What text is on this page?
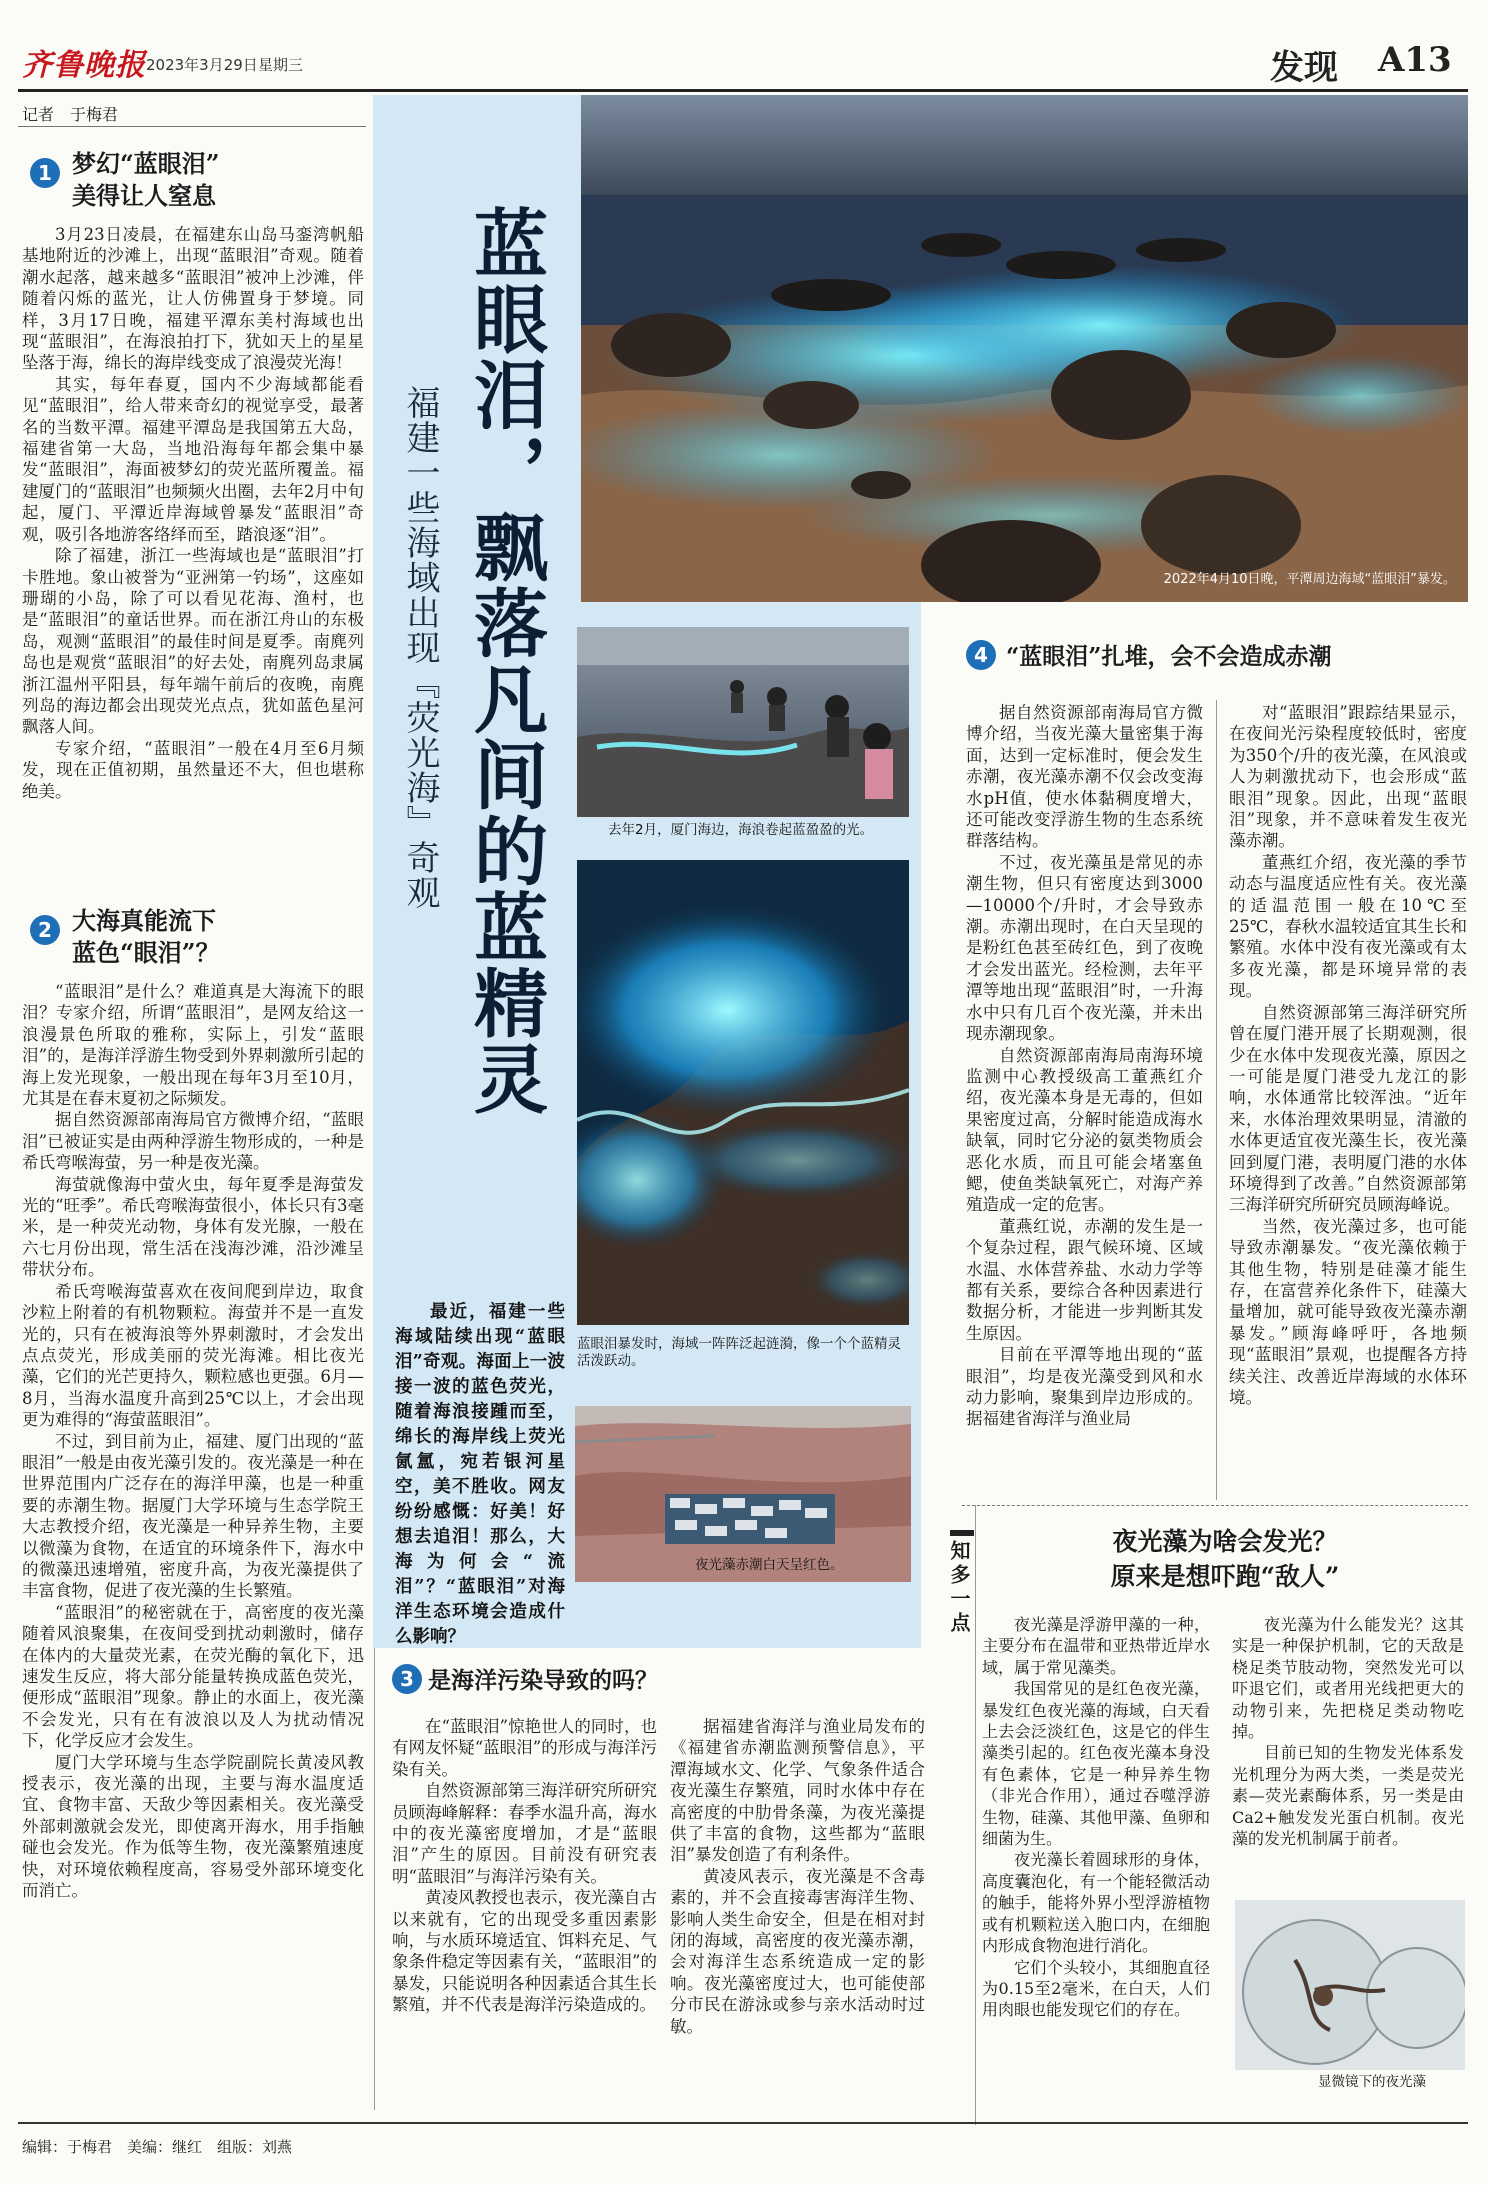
齐鲁晚报 2023年3月29日 星期三	发现 A13
记者　于梅君
1 梦幻“蓝眼泪”
美得让人窒息

3月23日凌晨，在福建东山岛马銮湾帆船基地附近的沙滩上，出现“蓝眼泪”奇观。随着潮水起落，越来越多“蓝眼泪”被冲上沙滩，伴随着闪烁的蓝光，让人仿佛置身于梦境。同样，3月17日晚，福建平潭东美村海域也出现“蓝眼泪”，在海浪拍打下，犹如天上的星星坠落于海，绵长的海岸线变成了浪漫荧光海！

其实，每年春夏，国内不少海域都能看见“蓝眼泪”，给人带来奇幻的视觉享受，最著名的当数平潭。福建平潭岛是我国第五大岛，福建省第一大岛，当地沿海每年都会集中暴发“蓝眼泪”，海面被梦幻的荧光蓝所覆盖。福建厦门的“蓝眼泪”也频频火出圈，去年2月中旬起，厦门、平潭近岸海域曾暴发“蓝眼泪”奇观，吸引各地游客络绎而至，踏浪逐“泪”。

除了福建，浙江一些海域也是“蓝眼泪”打卡胜地。象山被誉为“亚洲第一钓场”，这座如珊瑚的小岛，除了可以看见花海、渔村，也是“蓝眼泪”的童话世界。而在浙江舟山的东极岛，观测“蓝眼泪”的最佳时间是夏季。南麂列岛也是观赏“蓝眼泪”的好去处，南麂列岛隶属浙江温州平阳县，每年端午前后的夜晚，南麂列岛的海边都会出现荧光点点，犹如蓝色星河飘落人间。

专家介绍，“蓝眼泪”一般在4月至6月频发，现在正值初期，虽然量还不大，但也堪称绝美。

2 大海真能流下
蓝色“眼泪”？

“蓝眼泪”是什么？难道真是大海流下的眼泪？专家介绍，所谓“蓝眼泪”，是网友给这一浪漫景色所取的雅称，实际上，引发“蓝眼泪”的，是海洋浮游生物受到外界刺激所引起的海上发光现象，一般出现在每年3月至10月，尤其是在春末夏初之际频发。

据自然资源部南海局官方微博介绍，“蓝眼泪”已被证实是由两种浮游生物形成的，一种是希氏弯喉海萤，另一种是夜光藻。

海萤就像海中萤火虫，每年夏季是海萤发光的“旺季”。希氏弯喉海萤很小，体长只有3毫米，是一种荧光动物，身体有发光腺，一般在六七月份出现，常生活在浅海沙滩，沿沙滩呈带状分布。

希氏弯喉海萤喜欢在夜间爬到岸边，取食沙粒上附着的有机物颗粒。海萤并不是一直发光的，只有在被海浪等外界刺激时，才会发出点点荧光，形成美丽的荧光海滩。相比夜光藻，它们的光芒更持久，颗粒感也更强。6月—8月，当海水温度升高到25℃以上，才会出现更为难得的“海萤蓝眼泪”。

不过，到目前为止，福建、厦门出现的“蓝眼泪”一般是由夜光藻引发的。夜光藻是一种在世界范围内广泛存在的海洋甲藻，也是一种重要的赤潮生物。据厦门大学环境与生态学院王大志教授介绍，夜光藻是一种异养生物，主要以微藻为食物，在适宜的环境条件下，海水中的微藻迅速增殖，密度升高，为夜光藻提供了丰富食物，促进了夜光藻的生长繁殖。

“蓝眼泪”的秘密就在于，高密度的夜光藻随着风浪聚集，在夜间受到扰动刺激时，储存在体内的大量荧光素，在荧光酶的氧化下，迅速发生反应，将大部分能量转换成蓝色荧光，便形成“蓝眼泪”现象。静止的水面上，夜光藻不会发光，只有在有波浪以及人为扰动情况下，化学反应才会发生。

厦门大学环境与生态学院副院长黄凌风教授表示，夜光藻的出现，主要与海水温度适宜、食物丰富、天敌少等因素相关。夜光藻受外部刺激就会发光，即使离开海水，用手指触碰也会发光。作为低等生物，夜光藻繁殖速度快，对环境依赖程度高，容易受外部环境变化而消亡。

蓝眼泪，飘落凡间的蓝精灵
福建一些海域出现『荧光海』奇观
最近，福建一些海域陆续出现“蓝眼泪”奇观。海面上一波接一波的蓝色荧光，随着海浪接踵而至，绵长的海岸线上荧光氤氲，宛若银河星空，美不胜收。网友纷纷感慨：好美！好想去追泪！那么，大海为何会“流泪”？“蓝眼泪”对海洋生态环境会造成什么影响？
2022年4月10日晚，平潭周边海域“蓝眼泪”暴发。
去年2月，厦门海边，海浪卷起蓝盈盈的光。
蓝眼泪暴发时，海域一阵阵泛起涟漪，像一个个蓝精灵活泼跃动。
夜光藻赤潮白天呈红色。
3 是海洋污染导致的吗？

在“蓝眼泪”惊艳世人的同时，也有网友怀疑“蓝眼泪”的形成与海洋污染有关。

自然资源部第三海洋研究所研究员顾海峰解释：春季水温升高，海水中的夜光藻密度增加，才是“蓝眼泪”产生的原因。目前没有研究表明“蓝眼泪”与海洋污染有关。

黄凌风教授也表示，夜光藻自古以来就有，它的出现受多重因素影响，与水质环境适宜、饵料充足、气象条件稳定等因素有关，“蓝眼泪”的暴发，只能说明各种因素适合其生长繁殖，并不代表是海洋污染造成的。

据福建省海洋与渔业局发布的《福建省赤潮监测预警信息》，平潭海域水文、化学、气象条件适合夜光藻生存繁殖，同时水体中存在高密度的中肋骨条藻，为夜光藻提供了丰富的食物，这些都为“蓝眼泪”暴发创造了有利条件。

黄凌风表示，夜光藻是不含毒素的，并不会直接毒害海洋生物、影响人类生命安全，但是在相对封闭的海域，高密度的夜光藻赤潮，会对海洋生态系统造成一定的影响。夜光藻密度过大，也可能使部分市民在游泳或参与亲水活动时过敏。

4 “蓝眼泪”扎堆，会不会造成赤潮

据自然资源部南海局官方微博介绍，当夜光藻大量密集于海面，达到一定标准时，便会发生赤潮，夜光藻赤潮不仅会改变海水pH值，使水体黏稠度增大，还可能改变浮游生物的生态系统群落结构。

不过，夜光藻虽是常见的赤潮生物，但只有密度达到3000—10000个/升时，才会导致赤潮。赤潮出现时，在白天呈现的是粉红色甚至砖红色，到了夜晚才会发出蓝光。经检测，去年平潭等地出现“蓝眼泪”时，一升海水中只有几百个夜光藻，并未出现赤潮现象。

自然资源部南海局南海环境监测中心教授级高工董燕红介绍，夜光藻本身是无毒的，但如果密度过高，分解时能造成海水缺氧，同时它分泌的氨类物质会恶化水质，而且可能会堵塞鱼鳃，使鱼类缺氧死亡，对海产养殖造成一定的危害。

董燕红说，赤潮的发生是一个复杂过程，跟气候环境、区域水温、水体营养盐、水动力学等都有关系，要综合各种因素进行数据分析，才能进一步判断其发生原因。

目前在平潭等地出现的“蓝眼泪”，均是夜光藻受到风和水动力影响，聚集到岸边形成的。据福建省海洋与渔业局

对“蓝眼泪”跟踪结果显示，在夜间光污染程度较低时，密度为350个/升的夜光藻，在风浪或人为刺激扰动下，也会形成“蓝眼泪”现象。因此，出现“蓝眼泪”现象，并不意味着发生夜光藻赤潮。

董燕红介绍，夜光藻的季节动态与温度适应性有关。夜光藻的适温范围一般在10℃至25℃，春秋水温较适宜其生长和繁殖。水体中没有夜光藻或有太多夜光藻，都是环境异常的表现。

自然资源部第三海洋研究所曾在厦门港开展了长期观测，很少在水体中发现夜光藻，原因之一可能是厦门港受九龙江的影响，水体通常比较浑浊。“近年来，水体治理效果明显，清澈的水体更适宜夜光藻生长，夜光藻回到厦门港，表明厦门港的水体环境得到了改善。”自然资源部第三海洋研究所研究员顾海峰说。

当然，夜光藻过多，也可能导致赤潮暴发。“夜光藻依赖于其他生物，特别是硅藻才能生存，在富营养化条件下，硅藻大量增加，就可能导致夜光藻赤潮暴发。”顾海峰呼吁，各地频现“蓝眼泪”景观，也提醒各方持续关注、改善近岸海域的水体环境。

知多一点	夜光藻为啥会发光？
原来是想吓跑“敌人”

夜光藻是浮游甲藻的一种，主要分布在温带和亚热带近岸水域，属于常见藻类。

我国常见的是红色夜光藻，暴发红色夜光藻的海域，白天看上去会泛淡红色，这是它的伴生藻类引起的。红色夜光藻本身没有色素体，它是一种异养生物（非光合作用），通过吞噬浮游生物，硅藻、其他甲藻、鱼卵和细菌为生。

夜光藻长着圆球形的身体，高度囊泡化，有一个能轻微活动的触手，能将外界小型浮游植物或有机颗粒送入胞口内，在细胞内形成食物泡进行消化。

它们个头较小，其细胞直径为0.15至2毫米，在白天，人们用肉眼也能发现它们的存在。

夜光藻为什么能发光？这其实是一种保护机制，它的天敌是桡足类节肢动物，突然发光可以吓退它们，或者用光线把更大的动物引来，先把桡足类动物吃掉。

目前已知的生物发光体系发光机理分为两大类，一类是荧光素—荧光素酶体系，另一类是由Ca2+触发发光蛋白机制。夜光藻的发光机制属于前者。

显微镜下的夜光藻
编辑：于梅君　美编：继红　组版：刘燕
